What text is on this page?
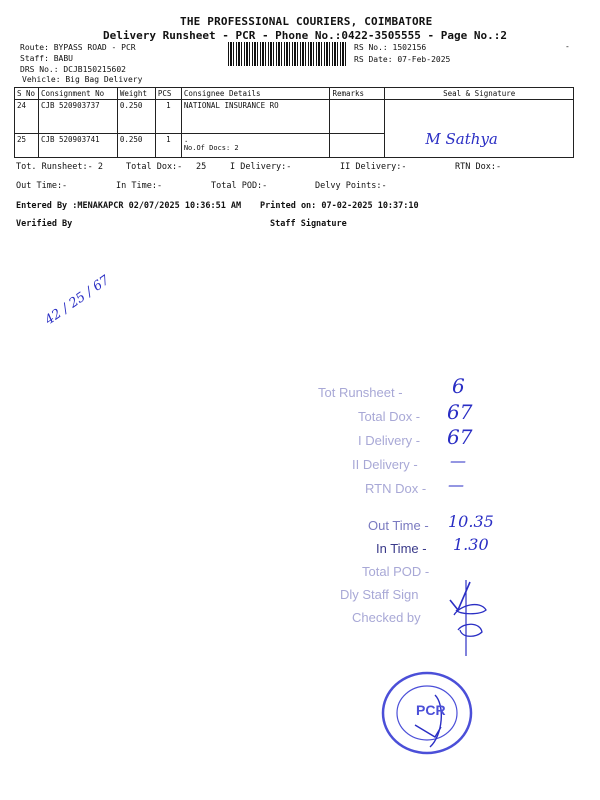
THE PROFESSIONAL COURIERS, COIMBATORE
Delivery Runsheet - PCR - Phone No.:0422-3505555 - Page No.:2
Route: BYPASS ROAD - PCR
Staff: BABU
DRS No.: DCJB150215602
Vehicle: Big Bag Delivery
RS No.: 1502156
RS Date: 07-Feb-2025
-
S No	Consignment No	Weight	PCS	Consignee Details	Remarks	Seal & Signature
24	CJB 520903737	0.250	1	NATIONAL INSURANCE RO		M Sathya

25	CJB 520903741	0.250	1	.
No.Of Docs: 2		

Tot. Runsheet:- 2	Total Dox:- 25	I Delivery:-	II Delivery:-	RTN Dox:-
Out Time:-	In Time:-	Total POD:-	Delvy Points:-
Entered By :MENAKAPCR 02/07/2025 10:36:51 AM Printed on: 07-02-2025 10:37:10
Verified By	Staff Signature
42 / 25 / 67
Tot Runsheet - 6
Total Dox - 67
I Delivery - 67
II Delivery - —
RTN Dox - —
Out Time - 10.35
In Time - 1.30
Total POD -
Dly Staff Sign
Checked by
PCR
